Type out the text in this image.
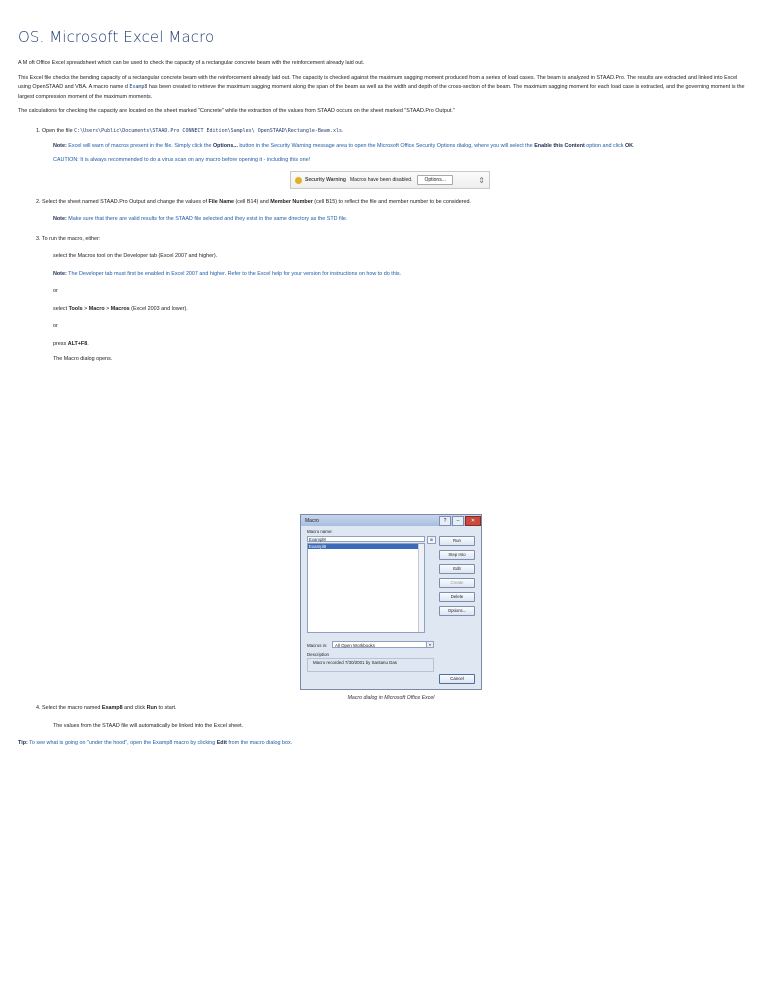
OS. Microsoft Excel Macro

A M oft Office Excel spreadsheet which can be used to check the capacity of a rectangular concrete beam with the reinforcement already laid out.

This Excel file checks the bending capacity of a rectangular concrete beam with the reinforcement already laid out. The capacity is checked against the maximum sagging moment produced from a series of load cases. The beam is analyzed in STAAD.Pro. The results are extracted and linked into Excel using OpenSTAAD and VBA. A macro name d Examp8 has been created to retrieve the maximum sagging moment along the span of the beam as well as the width and depth of the cross-section of the beam. The maximum sagging moment for each load case is extracted, and the governing moment is the largest compression moment of the maximum moments.

The calculations for checking the capacity are located on the sheet marked "Concrete" while the extraction of the values from STAAD occurs on the sheet marked "STAAD.Pro Output."

1. Open the file C:\Users\Public\Documents\STAAD.Pro CONNECT Edition\Samples\ OpenSTAAD\Rectangle-Beam.xls.

Note: Excel will warn of macros present in the file. Simply click the Options... button in the Security Warning message area to open the Microsoft Office Security Options dialog, where you will select the Enable this Content option and click OK.

CAUTION: It is always recommended to do a virus scan on any macro before opening it - including this one!

2. Select the sheet named STAAD.Pro Output and change the values of File Name (cell B14) and Member Number (cell B15) to reflect the file and member number to be considered.

Note: Make sure that there are valid results for the STAAD file selected and they exist in the same directory as the STD file.

3. To run the macro, either:

select the Macros tool on the Developer tab (Excel 2007 and higher).

Note: The Developer tab must first be enabled in Excel 2007 and higher. Refer to the Excel help for your version for instructions on how to do this.

or

select Tools > Macro > Macros (Excel 2003 and lower).

or

press ALT+F8.

The Macro dialog opens.

4. Select the macro named Examp8 and click Run to start.

The values from the STAAD file will automatically be linked into the Excel sheet.

Tip: To see what is going on "under the hood", open the Examp8 macro by clicking Edit from the macro dialog box.

Security Warning Macros have been disabled.	Options...	⇕
Macro	?	–	✕
Macro name:
Exampl8	⊞
Exampl8
Run
Step Into
Edit
Create
Delete
Options...
Macros in:	All Open Workbooks	▼
Description
Macro recorded 7/30/2001 by Santanu Das
Cancel
Macro dialog in Microsoft Office Excel
